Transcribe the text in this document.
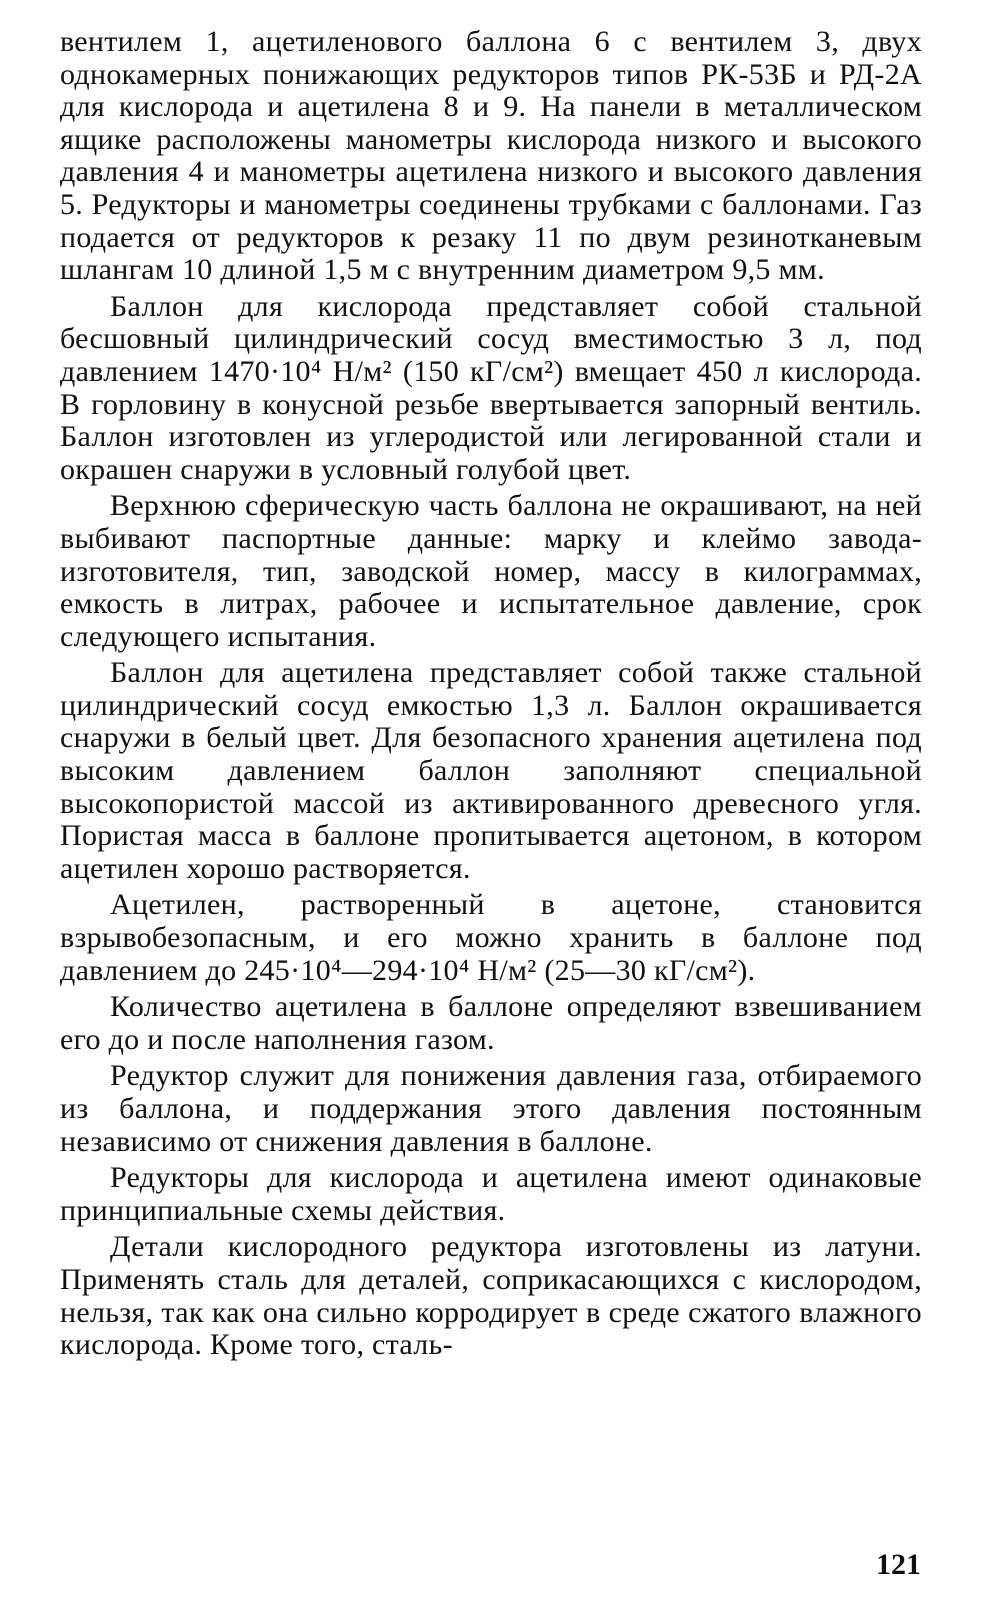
вентилем 1, ацетиленового баллона 6 с вентилем 3, двух однокамерных понижающих редукторов типов РК-53Б и РД-2А для кислорода и ацетилена 8 и 9. На панели в металлическом ящике расположены манометры кислорода низкого и высокого давления 4 и манометры ацетилена низкого и высокого давления 5. Редукторы и манометры соединены трубками с баллонами. Газ подается от редукторов к резаку 11 по двум резинотканевым шлангам 10 длиной 1,5 м с внутренним диаметром 9,5 мм.

Баллон для кислорода представляет собой стальной бесшовный цилиндрический сосуд вместимостью 3 л, под давлением 1470·10⁴ Н/м² (150 кГ/см²) вмещает 450 л кислорода. В горловину в конусной резьбе ввертывается запорный вентиль. Баллон изготовлен из углеродистой или легированной стали и окрашен снаружи в условный голубой цвет.

Верхнюю сферическую часть баллона не окрашивают, на ней выбивают паспортные данные: марку и клеймо завода-изготовителя, тип, заводской номер, массу в килограммах, емкость в литрах, рабочее и испытательное давление, срок следующего испытания.

Баллон для ацетилена представляет собой также стальной цилиндрический сосуд емкостью 1,3 л. Баллон окрашивается снаружи в белый цвет. Для безопасного хранения ацетилена под высоким давлением баллон заполняют специальной высокопористой массой из активированного древесного угля. Пористая масса в баллоне пропитывается ацетоном, в котором ацетилен хорошо растворяется.

Ацетилен, растворенный в ацетоне, становится взрывобезопасным, и его можно хранить в баллоне под давлением до 245·10⁴—294·10⁴ Н/м² (25—30 кГ/см²).

Количество ацетилена в баллоне определяют взвешиванием его до и после наполнения газом.

Редуктор служит для понижения давления газа, отбираемого из баллона, и поддержания этого давления постоянным независимо от снижения давления в баллоне.

Редукторы для кислорода и ацетилена имеют одинаковые принципиальные схемы действия.

Детали кислородного редуктора изготовлены из латуни. Применять сталь для деталей, соприкасающихся с кислородом, нельзя, так как она сильно корродирует в среде сжатого влажного кислорода. Кроме того, сталь-

121
